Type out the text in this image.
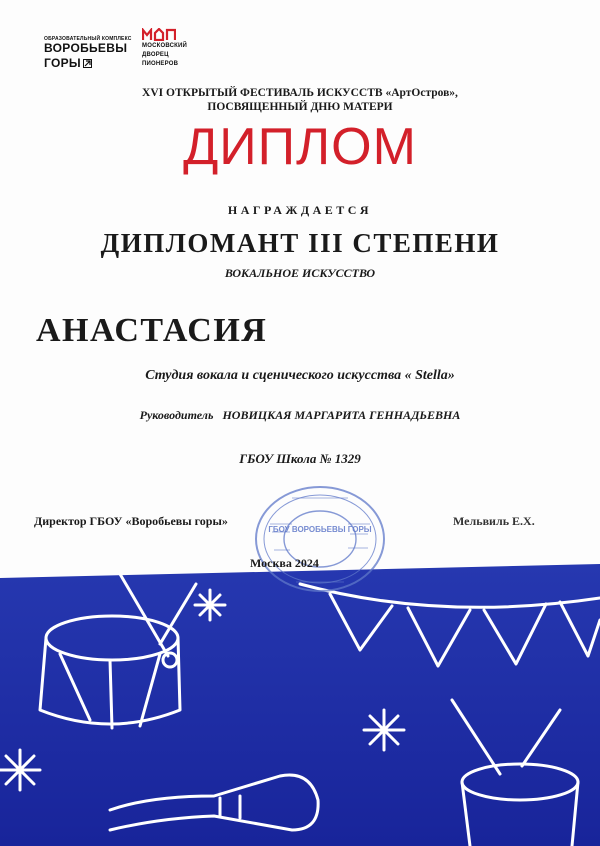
ОБРАЗОВАТЕЛЬНЫЙ КОМПЛЕКС
ВОРОБЬЕВЫ
ГОРЫ
МОСКОВСКИЙ
ДВОРЕЦ
ПИОНЕРОВ
XVI ОТКРЫТЫЙ ФЕСТИВАЛЬ ИСКУССТВ «АртОстров»,
ПОСВЯЩЕННЫЙ ДНЮ МАТЕРИ
ДИПЛОМ
НАГРАЖДАЕТСЯ
ДИПЛОМАНТ III СТЕПЕНИ
ВОКАЛЬНОЕ ИСКУССТВО
АНАСТАСИЯ
Студия вокала и сценического искусства « Stella»
Руководитель НОВИЦКАЯ МАРГАРИТА ГЕННАДЬЕВНА
ГБОУ Школа № 1329
Директор ГБОУ «Воробьевы горы»	Мельвиль Е.Х.
ГБОУ ВОРОБЬЕВЫ ГОРЫ
Москва 2024
